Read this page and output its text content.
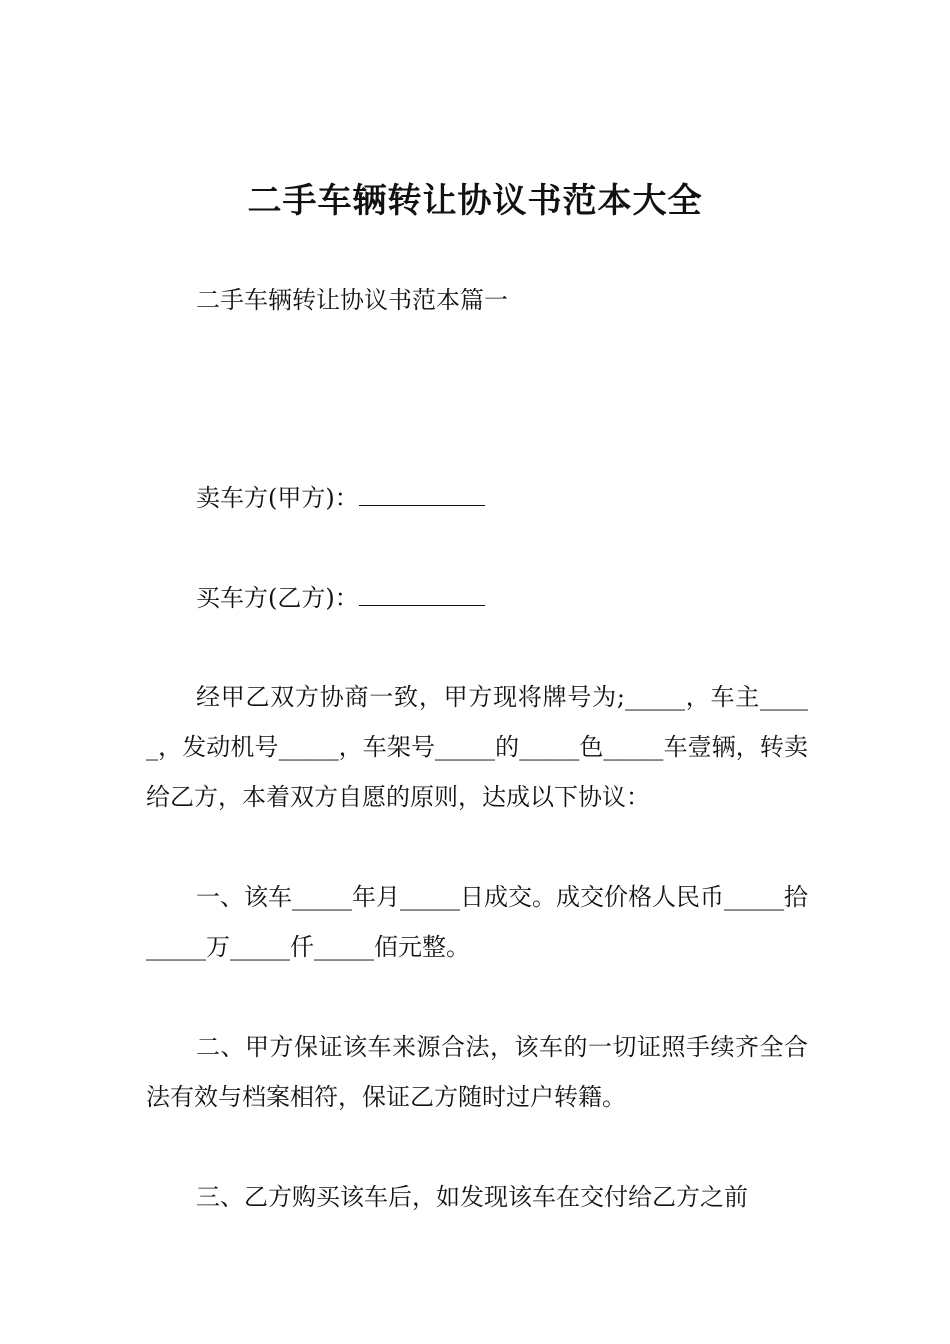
二手车辆转让协议书范本大全

二手车辆转让协议书范本篇一

卖车方(甲方)：

买车方(乙方)：

经甲乙双方协商一致，甲方现将牌号为;_____，车主_____，发动机号_____，车架号_____的_____色_____车壹辆，转卖给乙方，本着双方自愿的原则，达成以下协议：

一、该车_____年月_____日成交。成交价格人民币_____拾_____万_____仟_____佰元整。

二、甲方保证该车来源合法，该车的一切证照手续齐全合法有效与档案相符，保证乙方随时过户转籍。

三、乙方购买该车后，如发现该车在交付给乙方之前
